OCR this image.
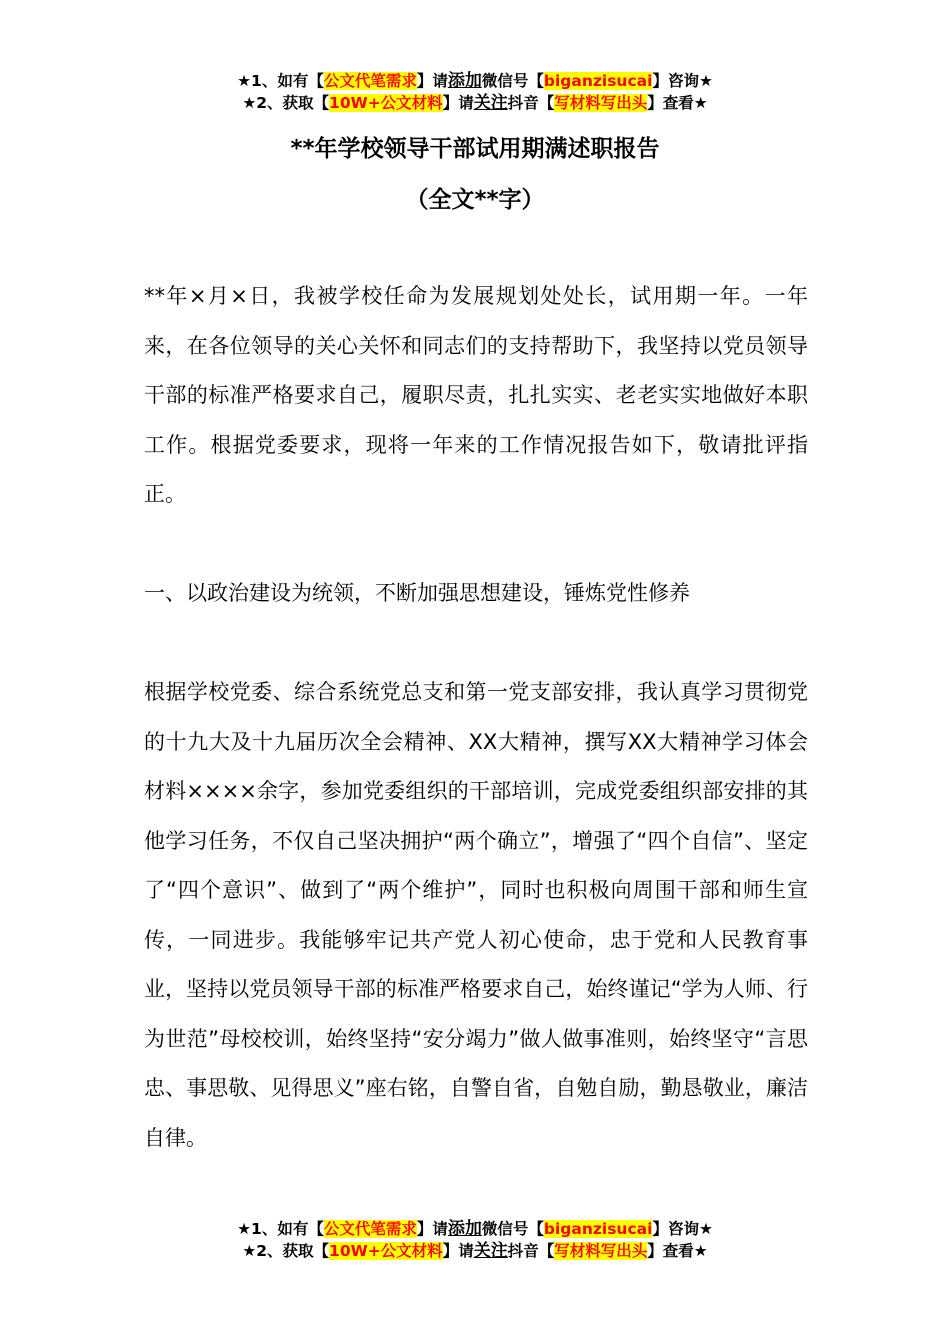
★1、如有【公文代笔需求】请添加微信号【biganzisucai】咨询★
★2、获取【10W+公文材料】请关注抖音【写材料写出头】查看★
**年学校领导干部试用期满述职报告
（全文**字）
**年×月×日，我被学校任命为发展规划处处长，试用期一年。一年来，在各位领导的关心关怀和同志们的支持帮助下，我坚持以党员领导干部的标准严格要求自己，履职尽责，扎扎实实、老老实实地做好本职工作。根据党委要求，现将一年来的工作情况报告如下，敬请批评指正。
一、以政治建设为统领，不断加强思想建设，锤炼党性修养
根据学校党委、综合系统党总支和第一党支部安排，我认真学习贯彻党的十九大及十九届历次全会精神、XX大精神，撰写XX大精神学习体会材料××××余字，参加党委组织的干部培训，完成党委组织部安排的其他学习任务，不仅自己坚决拥护“两个确立”，增强了“四个自信”、坚定了“四个意识”、做到了“两个维护”，同时也积极向周围干部和师生宣传，一同进步。我能够牢记共产党人初心使命，忠于党和人民教育事业，坚持以党员领导干部的标准严格要求自己，始终谨记“学为人师、行为世范”母校校训，始终坚持“安分竭力”做人做事准则，始终坚守“言思忠、事思敬、见得思义”座右铭，自警自省，自勉自励，勤恳敬业，廉洁自律。
★1、如有【公文代笔需求】请添加微信号【biganzisucai】咨询★
★2、获取【10W+公文材料】请关注抖音【写材料写出头】查看★
